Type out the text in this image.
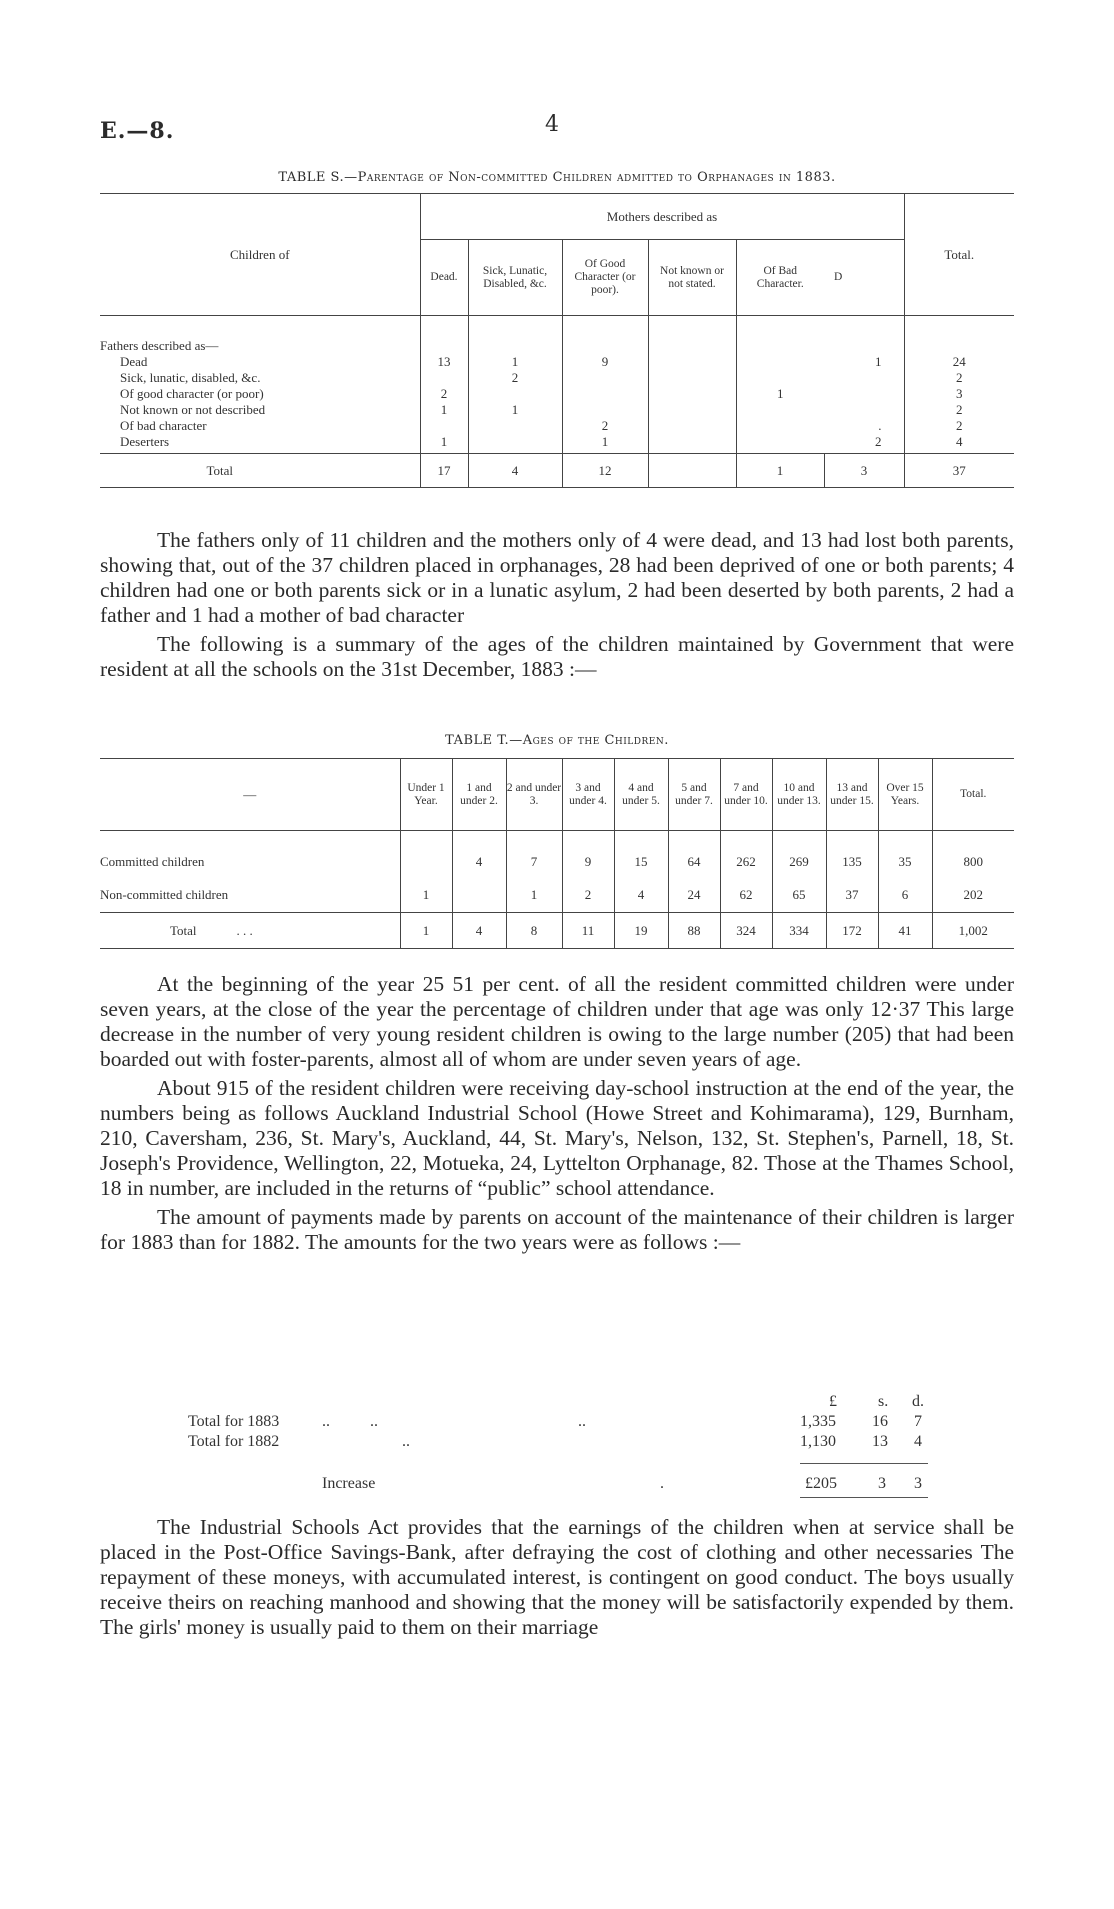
E.—8.	4
TABLE S.—Parentage of Non-committed Children admitted to Orphanages in 1883.
Children of	Mothers described as						Total.
	Dead.	Sick, Lunatic, Disabled, &c.	Of Good Character (or poor).	Not known or not stated.	Of Bad Character.	D	
Fathers described as—							
Dead	13	1	9			1	24
Sick, lunatic, disabled, &c.		2					2
Of good character (or poor)	2				1		3
Not known or not described	1	1					2
Of bad character			2			.	2
Deserters	1		1			2	4
Total	17	4	12		1	3	37

The fathers only of 11 children and the mothers only of 4 were dead, and 13 had lost both parents, showing that, out of the 37 children placed in orphanages, 28 had been deprived of one or both parents; 4 children had one or both parents sick or in a lunatic asylum, 2 had been deserted by both parents, 2 had a father and 1 had a mother of bad character

The following is a summary of the ages of the children maintained by Government that were resident at all the schools on the 31st December, 1883 :—

TABLE T.—Ages of the Children.
—	Under 1 Year.	1 and under 2.	2 and under 3.	3 and under 4.	4 and under 5.	5 and under 7.	7 and under 10.	10 and under 13.	13 and under 15.	Over 15 Years.	Total.

Committed children		4	7	9	15	64	262	269	135	35	800
Non-committed children	1		1	2	4	24	62	65	37	6	202
Total . . .	1	4	8	11	19	88	324	334	172	41	1,002

At the beginning of the year 25 51 per cent. of all the resident committed children were under seven years, at the close of the year the percentage of children under that age was only 12·37 This large decrease in the number of very young resident children is owing to the large number (205) that had been boarded out with foster-parents, almost all of whom are under seven years of age.

About 915 of the resident children were receiving day-school instruction at the end of the year, the numbers being as follows Auckland Industrial School (Howe Street and Kohimarama), 129, Burnham, 210, Caversham, 236, St. Mary's, Auckland, 44, St. Mary's, Nelson, 132, St. Stephen's, Parnell, 18, St. Joseph's Providence, Wellington, 22, Motueka, 24, Lyttelton Orphanage, 82. Those at the Thames School, 18 in number, are included in the returns of “public” school attendance.

The amount of payments made by parents on account of the maintenance of their children is larger for 1883 than for 1882. The amounts for the two years were as follows :—

£	s. d.
Total for 1883	..          ..                                                  ..	1,335 16 7
Total for 1882	..	1,130 13 4
Increase	.	£205	3 3

The Industrial Schools Act provides that the earnings of the children when at service shall be placed in the Post-Office Savings-Bank, after defraying the cost of clothing and other necessaries The repayment of these moneys, with accumulated interest, is contingent on good conduct. The boys usually receive theirs on reaching manhood and showing that the money will be satisfactorily expended by them. The girls' money is usually paid to them on their marriage
